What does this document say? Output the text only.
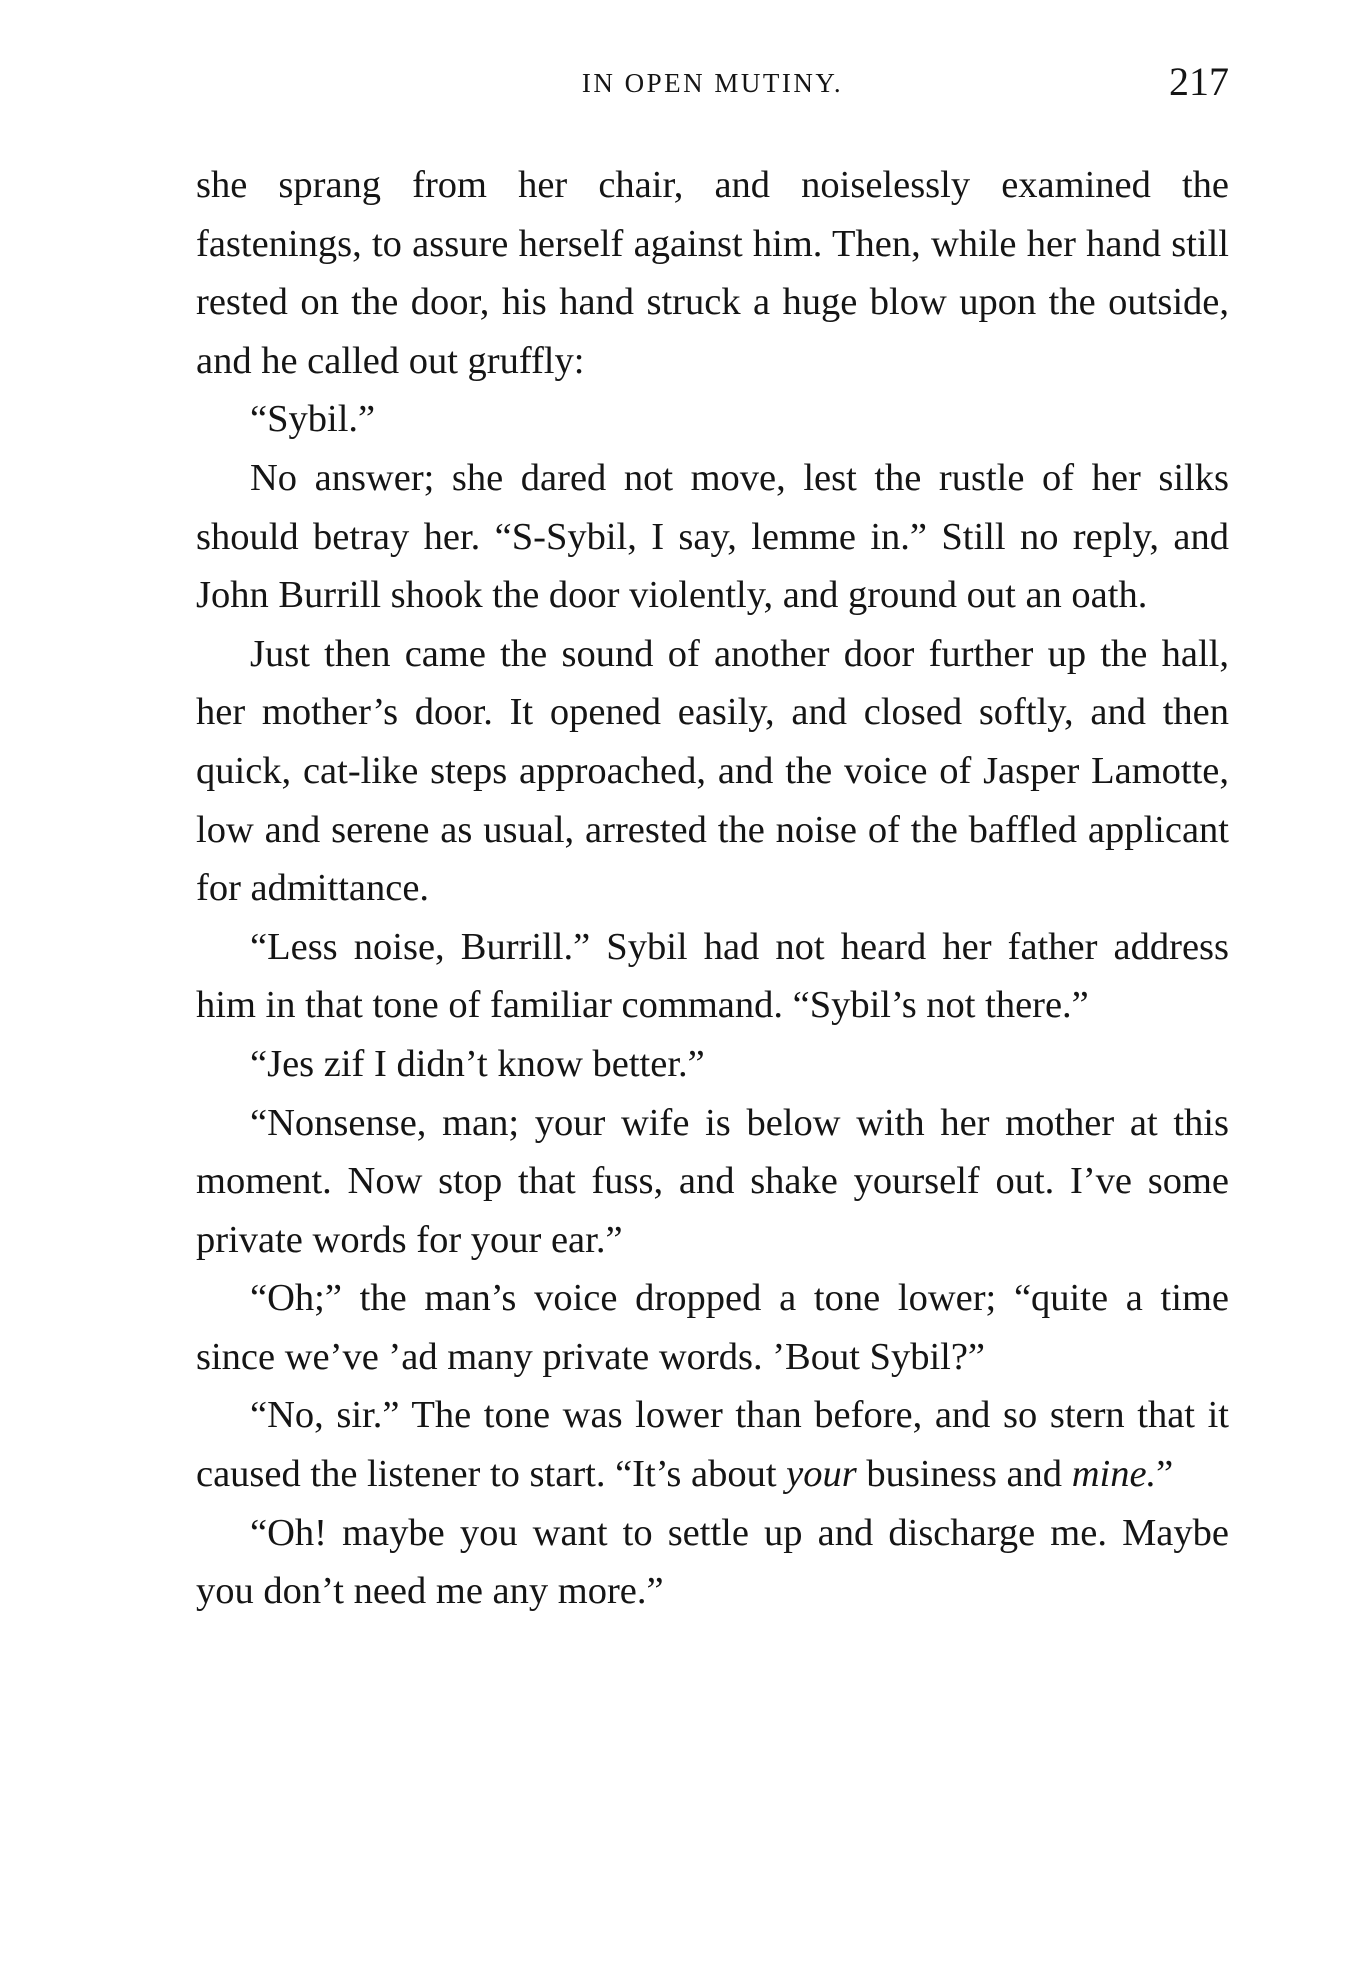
IN OPEN MUTINY.	217

she sprang from her chair, and noiselessly examined the fastenings, to assure herself against him. Then, while her hand still rested on the door, his hand struck a huge blow upon the outside, and he called out gruffly:

“Sybil.”

No answer; she dared not move, lest the rustle of her silks should betray her. “S-Sybil, I say, lemme in.” Still no reply, and John Burrill shook the door violently, and ground out an oath.

Just then came the sound of another door further up the hall, her mother’s door. It opened easily, and closed softly, and then quick, cat-like steps approached, and the voice of Jasper Lamotte, low and serene as usual, arrested the noise of the baffled applicant for admittance.

“Less noise, Burrill.” Sybil had not heard her father address him in that tone of familiar command. “Sybil’s not there.”

“Jes zif I didn’t know better.”

“Nonsense, man; your wife is below with her mother at this moment. Now stop that fuss, and shake yourself out. I’ve some private words for your ear.”

“Oh;” the man’s voice dropped a tone lower; “quite a time since we’ve ’ad many private words. ’Bout Sybil?”

“No, sir.” The tone was lower than before, and so stern that it caused the listener to start. “It’s about your business and mine.”

“Oh! maybe you want to settle up and discharge me. Maybe you don’t need me any more.”
